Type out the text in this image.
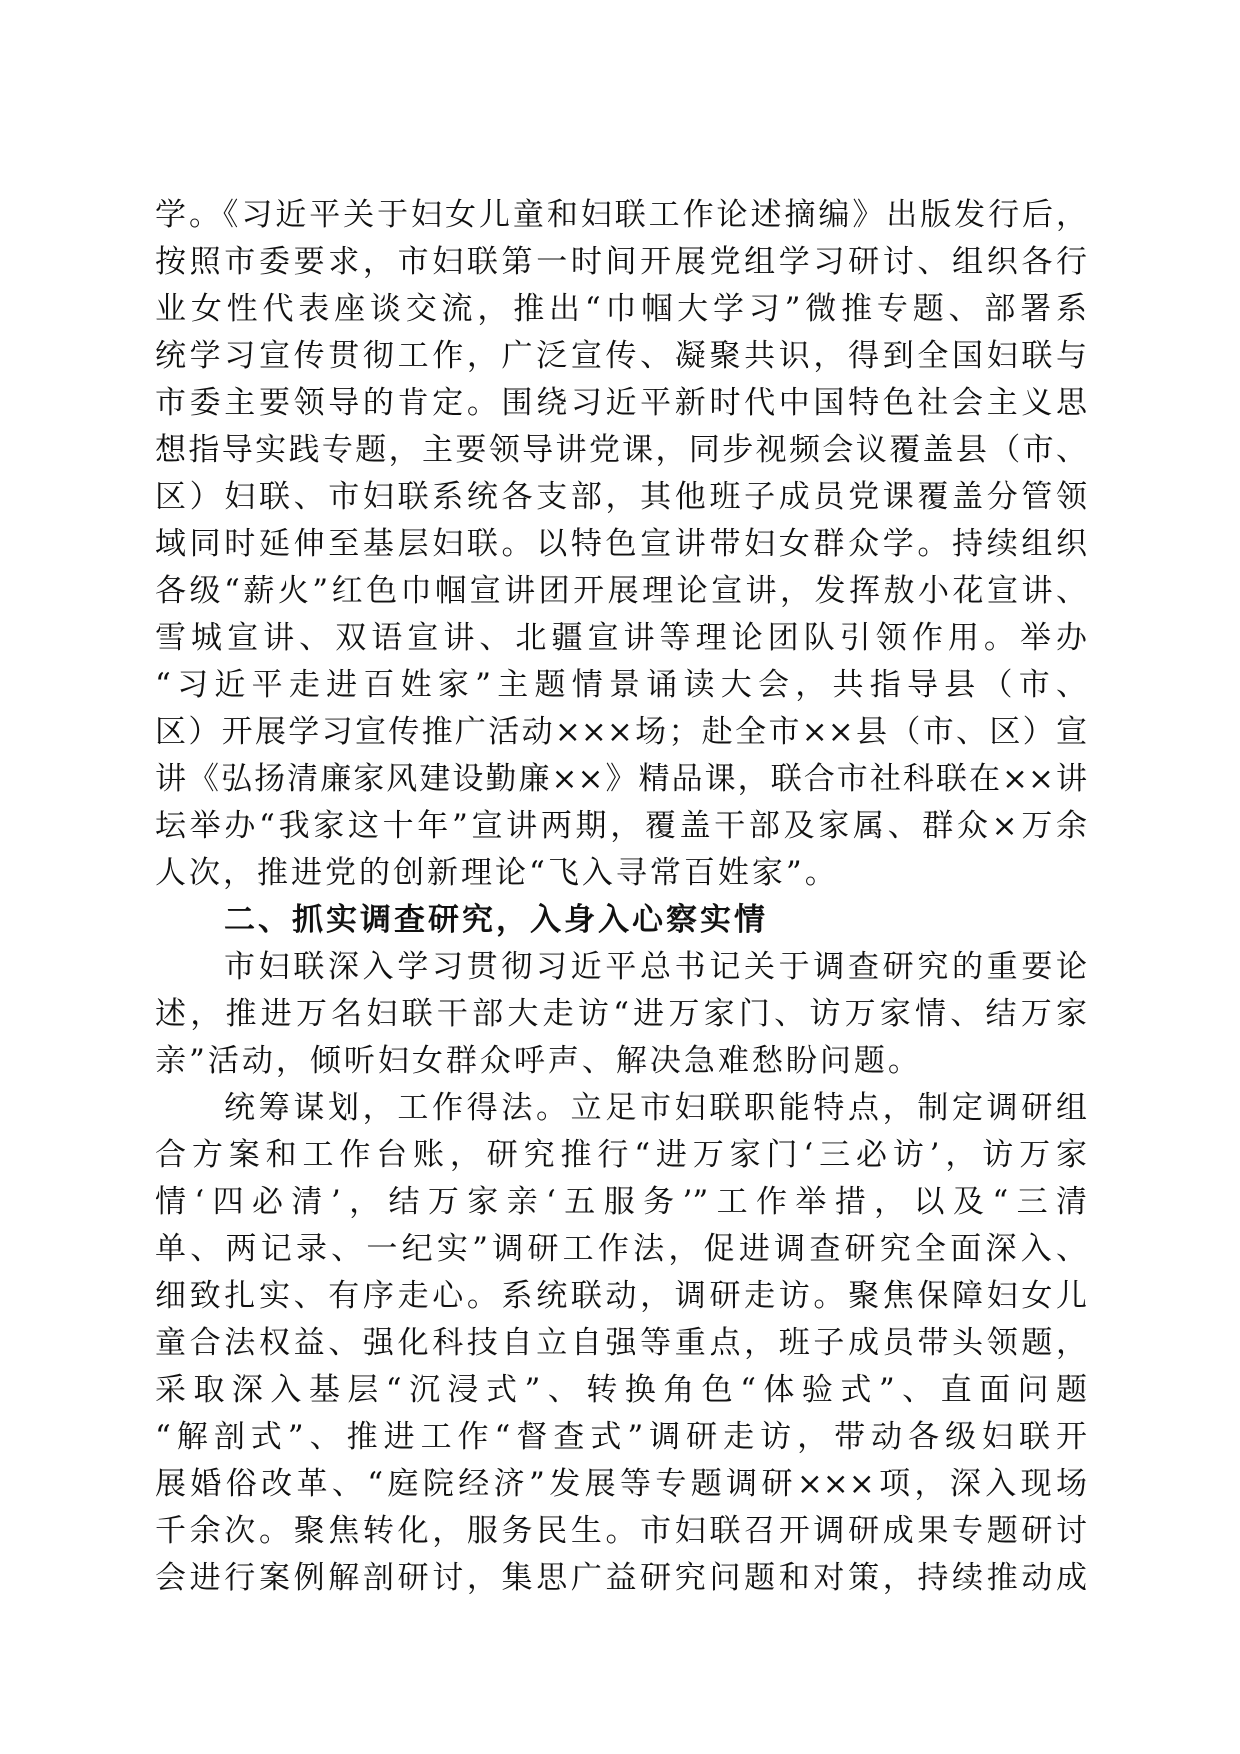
学。《习近平关于妇女儿童和妇联工作论述摘编》出版发行后，
按照市委要求，市妇联第一时间开展党组学习研讨、组织各行
业女性代表座谈交流，推出“巾帼大学习”微推专题、部署系
统学习宣传贯彻工作，广泛宣传、凝聚共识，得到全国妇联与
市委主要领导的肯定。围绕习近平新时代中国特色社会主义思
想指导实践专题，主要领导讲党课，同步视频会议覆盖县（市、
区）妇联、市妇联系统各支部，其他班子成员党课覆盖分管领
域同时延伸至基层妇联。以特色宣讲带妇女群众学。持续组织
各级“薪火”红色巾帼宣讲团开展理论宣讲，发挥敖小花宣讲、
雪城宣讲、双语宣讲、北疆宣讲等理论团队引领作用。举办
“习近平走进百姓家”主题情景诵读大会，共指导县（市、
区）开展学习宣传推广活动×××场；赴全市××县（市、区）宣
讲《弘扬清廉家风建设勤廉××》精品课，联合市社科联在××讲
坛举办“我家这十年”宣讲两期，覆盖干部及家属、群众×万余
人次，推进党的创新理论“飞入寻常百姓家”。
二、抓实调查研究，入身入心察实情
市妇联深入学习贯彻习近平总书记关于调查研究的重要论
述，推进万名妇联干部大走访“进万家门、访万家情、结万家
亲”活动，倾听妇女群众呼声、解决急难愁盼问题。
统筹谋划，工作得法。立足市妇联职能特点，制定调研组
合方案和工作台账，研究推行“进万家门‘三必访’，访万家
情‘四必清’，结万家亲‘五服务’”工作举措，以及“三清
单、两记录、一纪实”调研工作法，促进调查研究全面深入、
细致扎实、有序走心。系统联动，调研走访。聚焦保障妇女儿
童合法权益、强化科技自立自强等重点，班子成员带头领题，
采取深入基层“沉浸式”、转换角色“体验式”、直面问题
“解剖式”、推进工作“督查式”调研走访，带动各级妇联开
展婚俗改革、“庭院经济”发展等专题调研×××项，深入现场
千余次。聚焦转化，服务民生。市妇联召开调研成果专题研讨
会进行案例解剖研讨，集思广益研究问题和对策，持续推动成
